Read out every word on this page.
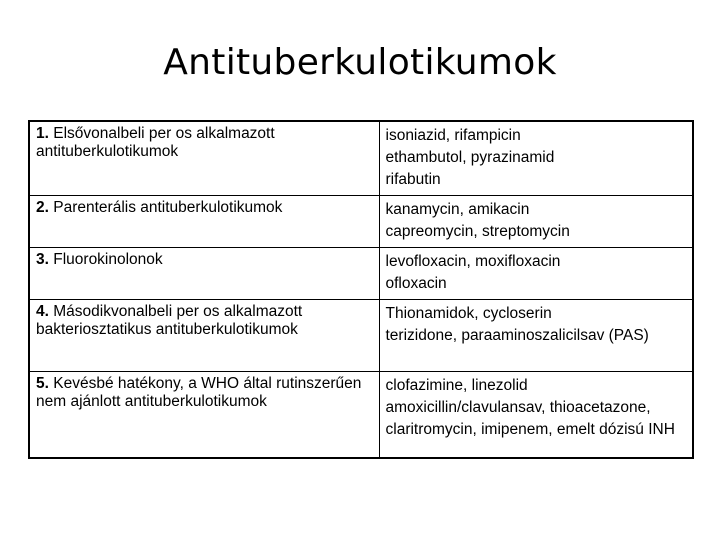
Antituberkulotikumok
1. Elsővonalbeli per os alkalmazott antituberkulotikumok	isoniazid, rifampicin
ethambutol, pyrazinamid
rifabutin

2. Parenterális antituberkulotikumok	kanamycin, amikacin
capreomycin, streptomycin

3. Fluorokinolonok	levofloxacin, moxifloxacin
ofloxacin

4. Másodikvonalbeli per os alkalmazott bakteriosztatikus antituberkulotikumok	Thionamidok, cycloserin
terizidone, paraaminoszalicilsav (PAS)

5. Kevésbé hatékony, a WHO által rutinszerűen nem ajánlott antituberkulotikumok	clofazimine, linezolid
amoxicillin/clavulansav, thioacetazone, claritromycin, imipenem, emelt dózisú INH
